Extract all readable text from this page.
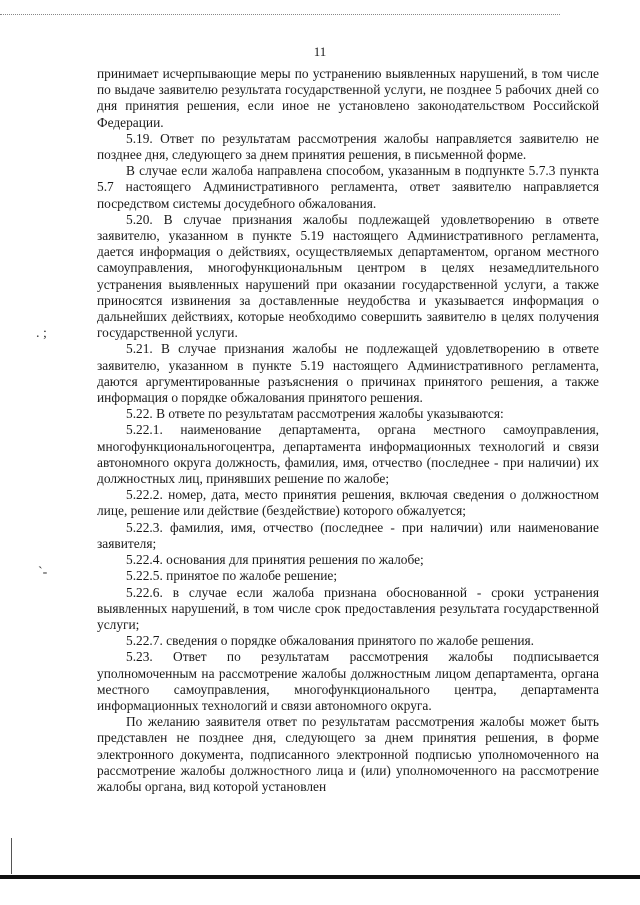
11
. ;
`-

принимает исчерпывающие меры по устранению выявленных нарушений, в том числе по выдаче заявителю результата государственной услуги, не позднее 5 рабочих дней со дня принятия решения, если иное не установлено законодательством Российской Федерации.

5.19. Ответ по результатам рассмотрения жалобы направляется заявителю не позднее дня, следующего за днем принятия решения, в письменной форме.

В случае если жалоба направлена способом, указанным в подпункте 5.7.3 пункта 5.7 настоящего Административного регламента, ответ заявителю направляется посредством системы досудебного обжалования.

5.20. В случае признания жалобы подлежащей удовлетворению в ответе заявителю, указанном в пункте 5.19 настоящего Административного регламента, дается информация о действиях, осуществляемых департаментом, органом местного самоуправления, многофункциональным центром в целях незамедлительного устранения выявленных нарушений при оказании государственной услуги, а также приносятся извинения за доставленные неудобства и указывается информация о дальнейших действиях, которые необходимо совершить заявителю в целях получения государственной услуги.

5.21. В случае признания жалобы не подлежащей удовлетворению в ответе заявителю, указанном в пункте 5.19 настоящего Административного регламента, даются аргументированные разъяснения о причинах принятого решения, а также информация о порядке обжалования принятого решения.

5.22. В ответе по результатам рассмотрения жалобы указываются:

5.22.1. наименование департамента, органа местного самоуправления, многофункциональногоцентра, департамента информационных технологий и связи автономного округа должность, фамилия, имя, отчество (последнее - при наличии) их должностных лиц, принявших решение по жалобе;

5.22.2. номер, дата, место принятия решения, включая сведения о должностном лице, решение или действие (бездействие) которого обжалуется;

5.22.3. фамилия, имя, отчество (последнее - при наличии) или наименование заявителя;

5.22.4. основания для принятия решения по жалобе;

5.22.5. принятое по жалобе решение;

5.22.6. в случае если жалоба признана обоснованной - сроки устранения выявленных нарушений, в том числе срок предоставления результата государственной услуги;

5.22.7. сведения о порядке обжалования принятого по жалобе решения.

5.23. Ответ по результатам рассмотрения жалобы подписывается уполномоченным на рассмотрение жалобы должностным лицом департамента, органа местного самоуправления, многофункционального центра, департамента информационных технологий и связи автономного округа.

По желанию заявителя ответ по результатам рассмотрения жалобы может быть представлен не позднее дня, следующего за днем принятия решения, в форме электронного документа, подписанного электронной подписью уполномоченного на рассмотрение жалобы должностного лица и (или) уполномоченного на рассмотрение жалобы органа, вид которой установлен
